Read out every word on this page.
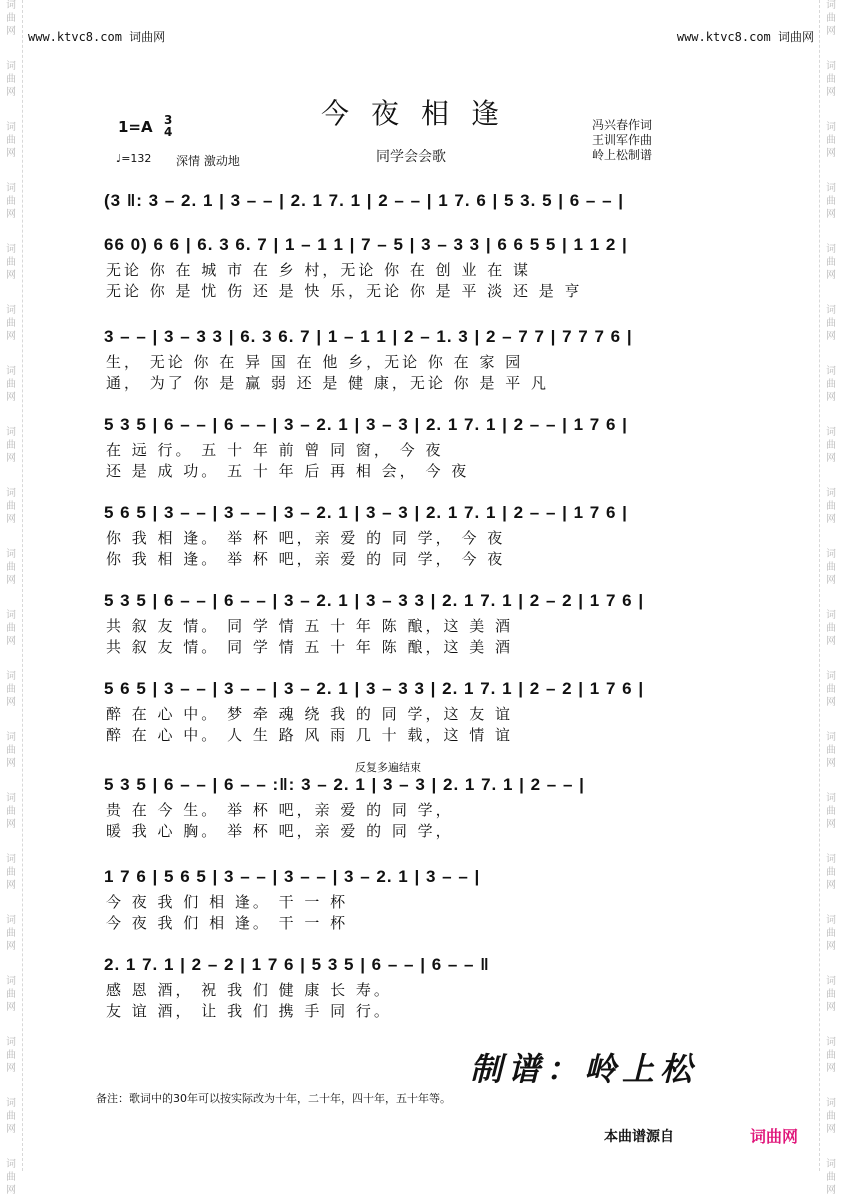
词
曲
网
词
曲
网
词
曲
网
词
曲
网
词
曲
网
词
曲
网
词
曲
网
词
曲
网
词
曲
网
词
曲
网
词
曲
网
词
曲
网
词
曲
网
词
曲
网
词
曲
网
词
曲
网
词
曲
网
词
曲
网
词
曲
网
词
曲
网
词
曲
网
词
曲
网
词
曲
网
词
曲
网
词
曲
网
词
曲
网
词
曲
网
词
曲
网
词
曲
网
词
曲
网
词
曲
网
词
曲
网
词
曲
网
词
曲
网
词
曲
网
词
曲
网
词
曲
网
词
曲
网
词
曲
网
词
曲
网
www.ktvc8.com 词曲网	www.ktvc8.com 词曲网
今夜相逢
同学会会歌
冯兴春作词
王训军作曲
岭上松制谱
1=A 3
4
♩=132 深情 激动地
(3 ‖: 3 – 2. 1 | 3 – – | 2. 1 7. 1 | 2 – – | 1 7. 6 | 5 3. 5 | 6 – – |
66 0) 6 6 | 6. 3 6. 7 | 1 – 1 1 | 7 – 5 | 3 – 3 3 | 6 6 5 5 | 1 1 2 |
无论 你 在 城 市 在 乡 村，无论 你 在 创 业 在 谋
无论 你 是 忧 伤 还 是 快 乐，无论 你 是 平 淡 还 是 亨
3 – – | 3 – 3 3 | 6. 3 6. 7 | 1 – 1 1 | 2 – 1. 3 | 2 – 7 7 | 7 7 7 6 |
生， 无论 你 在 异 国 在 他 乡，无论 你 在 家 园
通， 为了 你 是 赢 弱 还 是 健 康，无论 你 是 平 凡
5 3 5 | 6 – – | 6 – – | 3 – 2. 1 | 3 – 3 | 2. 1 7. 1 | 2 – – | 1 7 6 |
在 远 行。 五 十 年 前 曾 同 窗， 今 夜
还 是 成 功。 五 十 年 后 再 相 会， 今 夜
5 6 5 | 3 – – | 3 – – | 3 – 2. 1 | 3 – 3 | 2. 1 7. 1 | 2 – – | 1 7 6 |
你 我 相 逢。 举 杯 吧，亲 爱 的 同 学， 今 夜
你 我 相 逢。 举 杯 吧，亲 爱 的 同 学， 今 夜
5 3 5 | 6 – – | 6 – – | 3 – 2. 1 | 3 – 3 3 | 2. 1 7. 1 | 2 – 2 | 1 7 6 |
共 叙 友 情。 同 学 情 五 十 年 陈 酿，这 美 酒
共 叙 友 情。 同 学 情 五 十 年 陈 酿，这 美 酒
5 6 5 | 3 – – | 3 – – | 3 – 2. 1 | 3 – 3 3 | 2. 1 7. 1 | 2 – 2 | 1 7 6 |
醉 在 心 中。 梦 牵 魂 绕 我 的 同 学，这 友 谊
醉 在 心 中。 人 生 路 风 雨 几 十 载，这 情 谊
5 3 5 | 6 – – | 6 – – :‖: 3 – 2. 1 | 3 – 3 | 2. 1 7. 1 | 2 – – |
贵 在 今 生。 举 杯 吧，亲 爱 的 同 学，
暖 我 心 胸。 举 杯 吧，亲 爱 的 同 学，
1 7 6 | 5 6 5 | 3 – – | 3 – – | 3 – 2. 1 | 3 – – |
今 夜 我 们 相 逢。 干 一 杯
今 夜 我 们 相 逢。 干 一 杯
2. 1 7. 1 | 2 – 2 | 1 7 6 | 5 3 5 | 6 – – | 6 – – ‖
感 恩 酒， 祝 我 们 健 康 长 寿。
友 谊 酒， 让 我 们 携 手 同 行。
反复多遍结束
制谱：岭上松
备注：歌词中的30年可以按实际改为十年，二十年，四十年，五十年等。
本曲谱源自	词曲网
